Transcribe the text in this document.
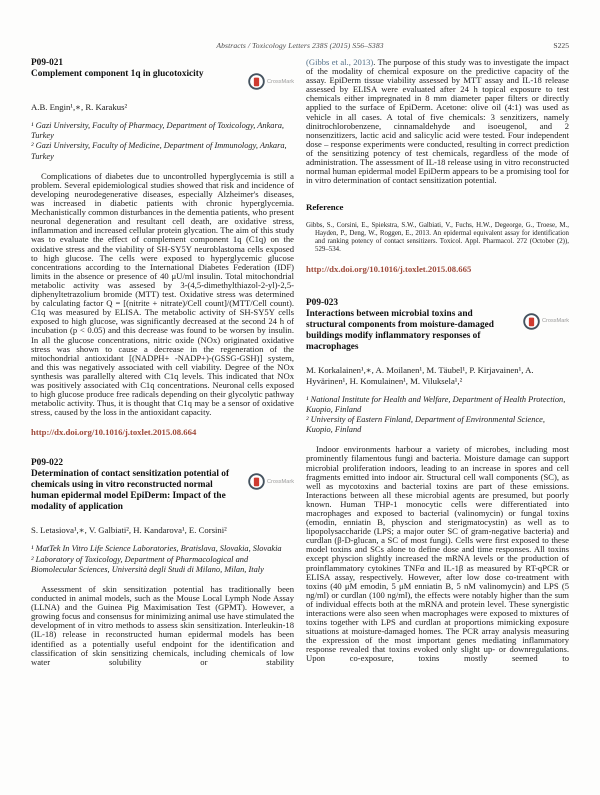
Abstracts / Toxicology Letters 238S (2015) S56–S383	S225
P09-021
Complement component 1q in glucotoxicity
CrossMark
A.B. Engin¹,∗, R. Karakus²
¹ Gazi University, Faculty of Pharmacy, Department of Toxicology, Ankara, Turkey
² Gazi University, Faculty of Medicine, Department of Immunology, Ankara, Turkey

Complications of diabetes due to uncontrolled hyperglycemia is still a problem. Several epidemiological studies showed that risk and incidence of developing neurodegenerative diseases, especially Alzheimer's diseases, was increased in diabetic patients with chronic hyperglycemia. Mechanistically common disturbances in the dementia patients, who present neuronal degeneration and resultant cell death, are oxidative stress, inflammation and increased cellular protein glycation. The aim of this study was to evaluate the effect of complement component 1q (C1q) on the oxidative stress and the viability of SH-SY5Y neuroblastoma cells exposed to high glucose. The cells were exposed to hyperglycemic glucose concentrations according to the International Diabetes Federation (IDF) limits in the absence or presence of 40 μU/ml insulin. Total mitochondrial metabolic activity was assesed by 3-(4,5-dimethylthiazol-2-yl)-2,5-diphenyltetrazolium bromide (MTT) test. Oxidative stress was determined by calculating factor Q = [(nitrite + nitrate)/Cell count]/(MTT/Cell count). C1q was measured by ELISA. The metabolic activity of SH-SY5Y cells exposed to high glucose, was significantly decreased at the second 24 h of incubation (p < 0.05) and this decrease was found to be worsen by insulin. In all the glucose concentrations, nitric oxide (NOx) originated oxidative stress was shown to cause a decrease in the regeneration of the mitochondrial antioxidant [(NADPH+ -NADP+)-(GSSG-GSH)] system, and this was negatively associated with cell viability. Degree of the NOx synthesis was parallelly altered with C1q levels. This indicated that NOx was positively associated with C1q concentrations. Neuronal cells exposed to high glucose produce free radicals depending on their glycolytic pathway metabolic activity. Thus, it is thought that C1q may be a sensor of oxidative stress, caused by the loss in the antioxidant capacity.

http://dx.doi.org/10.1016/j.toxlet.2015.08.664
P09-022
Determination of contact sensitization potential of chemicals using in vitro reconstructed normal human epidermal model EpiDerm: Impact of the modality of application
CrossMark
S. Letasiova¹,∗, V. Galbiati², H. Kandarova¹, E. Corsini²
¹ MatTek In Vitro Life Science Laboratories, Bratislava, Slovakia, Slovakia
² Laboratory of Toxicology, Department of Pharmacological and Biomolecular Sciences, Università degli Studi di Milano, Milan, Italy

Assessment of skin sensitization potential has traditionally been conducted in animal models, such as the Mouse Local Lymph Node Assay (LLNA) and the Guinea Pig Maximisation Test (GPMT). However, a growing focus and consensus for minimizing animal use have stimulated the development of in vitro methods to assess skin sensitization. Interleukin-18 (IL-18) release in reconstructed human epidermal models has been identified as a potentially useful endpoint for the identification and classification of skin sensitizing chemicals, including chemicals of low water solubility or stability

(Gibbs et al., 2013). The purpose of this study was to investigate the impact of the modality of chemical exposure on the predictive capacity of the assay. EpiDerm tissue viability assessed by MTT assay and IL-18 release assessed by ELISA were evaluated after 24 h topical exposure to test chemicals either impregnated in 8 mm diameter paper filters or directly applied to the surface of EpiDerm. Acetone: olive oil (4:1) was used as vehicle in all cases. A total of five chemicals: 3 senzitizers, namely dinitrochlorobenzene, cinnamaldehyde and isoeugenol, and 2 nonsenzitizers, lactic acid and salicylic acid were tested. Four independent dose – response experiments were conducted, resulting in correct prediction of the sensitizing potency of test chemicals, regardless of the mode of administration. The assessment of IL-18 release using in vitro reconstructed normal human epidermal model EpiDerm appears to be a promising tool for in vitro determination of contact sensitization potential.

Reference

Gibbs, S., Corsini, E., Spiekstra, S.W., Galbiati, V., Fuchs, H.W., Degeorge, G., Troese, M., Hayden, P., Deng, W., Roggen, E., 2013. An epidermal equivalent assay for identification and ranking potency of contact sensitizers. Toxicol. Appl. Pharmacol. 272 (October (2)), 529–534.

http://dx.doi.org/10.1016/j.toxlet.2015.08.665
P09-023
Interactions between microbial toxins and structural components from moisture-damaged buildings modify inflammatory responses of macrophages
CrossMark
M. Korkalainen¹,∗, A. Moilanen¹, M. Täubel¹, P. Kirjavainen¹, A. Hyvärinen¹, H. Komulainen¹, M. Viluksela¹,²
¹ National Institute for Health and Welfare, Department of Health Protection, Kuopio, Finland
² University of Eastern Finland, Department of Environmental Science, Kuopio, Finland

Indoor environments harbour a variety of microbes, including most prominently filamentous fungi and bacteria. Moisture damage can support microbial proliferation indoors, leading to an increase in spores and cell fragments emitted into indoor air. Structural cell wall components (SC), as well as mycotoxins and bacterial toxins are part of these emissions. Interactions between all these microbial agents are presumed, but poorly known. Human THP-1 monocytic cells were differentiated into macrophages and exposed to bacterial (valinomycin) or fungal toxins (emodin, enniatin B, physcion and sterigmatocystin) as well as to lipopolysaccharide (LPS; a major outer SC of gram-negative bacteria) and curdlan (β-D-glucan, a SC of most fungi). Cells were first exposed to these model toxins and SCs alone to define dose and time responses. All toxins except physcion slightly increased the mRNA levels or the production of proinflammatory cytokines TNFα and IL-1β as measured by RT-qPCR or ELISA assay, respectively. However, after low dose co-treatment with toxins (40 μM emodin, 5 μM enniatin B, 5 nM valinomycin) and LPS (5 ng/ml) or curdlan (100 ng/ml), the effects were notably higher than the sum of individual effects both at the mRNA and protein level. These synergistic interactions were also seen when macrophages were exposed to mixtures of toxins together with LPS and curdlan at proportions mimicking exposure situations at moisture-damaged homes. The PCR array analysis measuring the expression of the most important genes mediating inflammatory response revealed that toxins evoked only slight up- or downregulations. Upon co-exposure, toxins mostly seemed to
